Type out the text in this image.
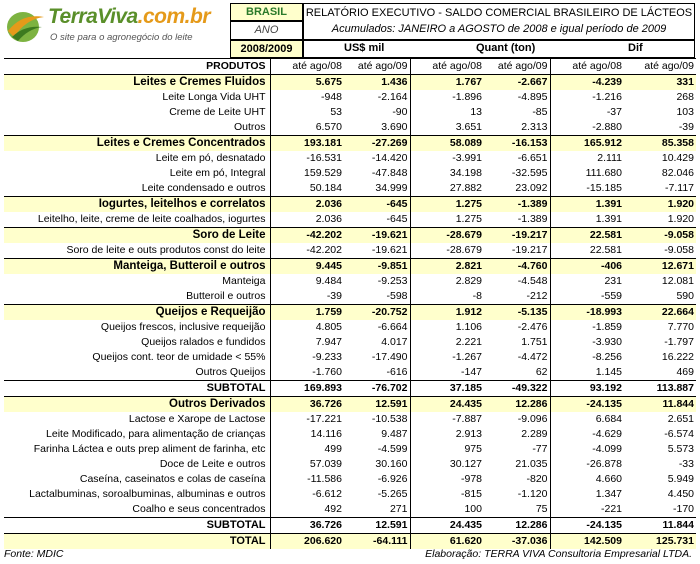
TerraViva.com.br
O site para o agronegócio do leite
BRASIL
ANO
2008/2009
RELATÓRIO EXECUTIVO - SALDO COMERCIAL BRASILEIRO DE LÁCTEOS
Acumulados: JANEIRO a AGOSTO de 2008 e igual período de 2009
US$ mil	Quant (ton)	Dif
PRODUTOS	até ago/08	até ago/09	até ago/08	até ago/09	até ago/08	até ago/09
Leites e Cremes Fluidos	5.675	1.436	1.767	-2.667	-4.239	331
Leite Longa Vida UHT	-948	-2.164	-1.896	-4.895	-1.216	268
Creme de Leite UHT	53	-90	13	-85	-37	103
Outros	6.570	3.690	3.651	2.313	-2.880	-39
Leites e Cremes Concentrados	193.181	-27.269	58.089	-16.153	165.912	85.358
Leite em pó, desnatado	-16.531	-14.420	-3.991	-6.651	2.111	10.429
Leite em pó, Integral	159.529	-47.848	34.198	-32.595	111.680	82.046
Leite condensado e outros	50.184	34.999	27.882	23.092	-15.185	-7.117
Iogurtes, leitelhos e correlatos	2.036	-645	1.275	-1.389	1.391	1.920
Leitelho, leite, creme de leite coalhados, iogurtes	2.036	-645	1.275	-1.389	1.391	1.920
Soro de Leite	-42.202	-19.621	-28.679	-19.217	22.581	-9.058
Soro de leite e outs produtos const do leite	-42.202	-19.621	-28.679	-19.217	22.581	-9.058
Manteiga, Butteroil e outros	9.445	-9.851	2.821	-4.760	-406	12.671
Manteiga	9.484	-9.253	2.829	-4.548	231	12.081
Butteroil e outros	-39	-598	-8	-212	-559	590
Queijos e Requeijão	1.759	-20.752	1.912	-5.135	-18.993	22.664
Queijos frescos, inclusive requeijão	4.805	-6.664	1.106	-2.476	-1.859	7.770
Queijos ralados e fundidos	7.947	4.017	2.221	1.751	-3.930	-1.797
Queijos cont. teor de umidade < 55%	-9.233	-17.490	-1.267	-4.472	-8.256	16.222
Outros Queijos	-1.760	-616	-147	62	1.145	469
SUBTOTAL	169.893	-76.702	37.185	-49.322	93.192	113.887
Outros Derivados	36.726	12.591	24.435	12.286	-24.135	11.844
Lactose e Xarope de Lactose	-17.221	-10.538	-7.887	-9.096	6.684	2.651
Leite Modificado, para alimentação de crianças	14.116	9.487	2.913	2.289	-4.629	-6.574
Farinha Láctea e outs prep aliment de farinha, etc	499	-4.599	975	-77	-4.099	5.573
Doce de Leite e outros	57.039	30.160	30.127	21.035	-26.878	-33
Caseína, caseinatos e colas de caseína	-11.586	-6.926	-978	-820	4.660	5.949
Lactalbuminas, soroalbuminas, albuminas e outros	-6.612	-5.265	-815	-1.120	1.347	4.450
Coalho e seus concentrados	492	271	100	75	-221	-170
SUBTOTAL	36.726	12.591	24.435	12.286	-24.135	11.844
TOTAL	206.620	-64.111	61.620	-37.036	142.509	125.731
Fonte: MDIC	Elaboração: TERRA VIVA Consultoria Empresarial LTDA.
